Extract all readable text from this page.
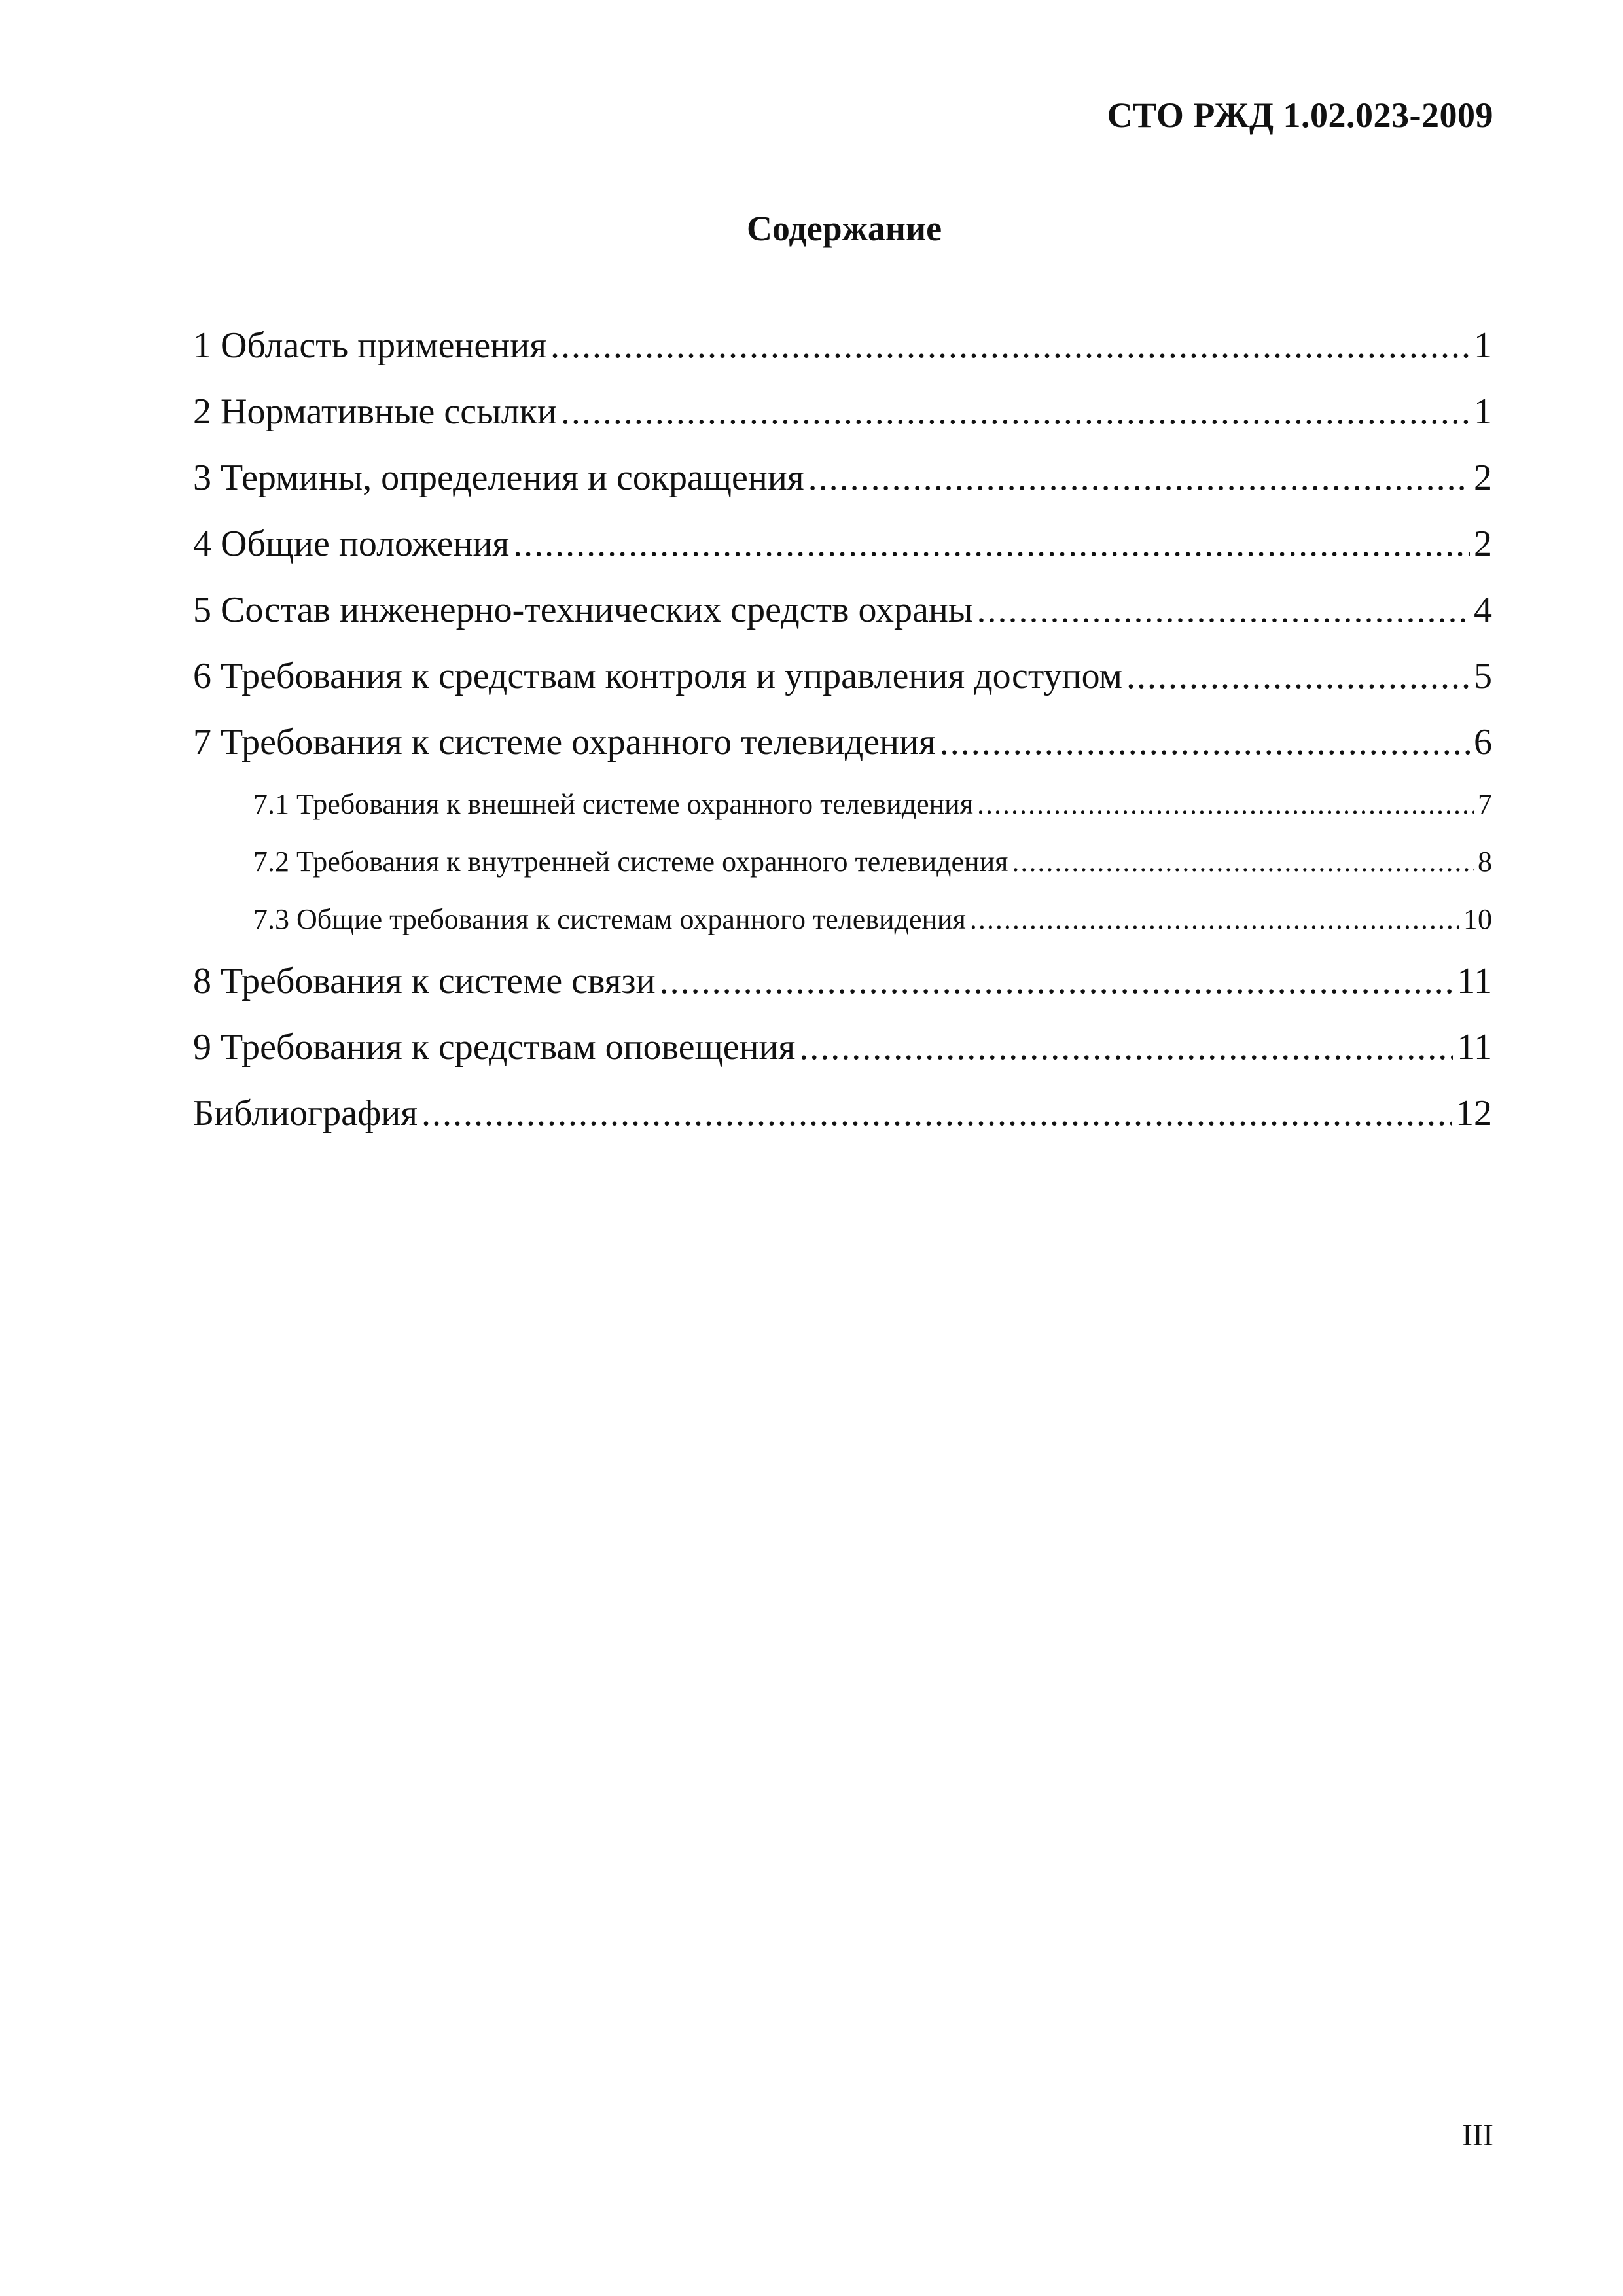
СТО РЖД 1.02.023-2009
Содержание
1 Область применения .....	1
2 Нормативные ссылки .....	1
3 Термины, определения и сокращения .....	2
4 Общие положения .....	2
5 Состав инженерно-технических средств охраны .....	4
6 Требования к средствам контроля и управления доступом .....	5
7 Требования к системе охранного телевидения .....	6
7.1 Требования к внешней системе охранного телевидения .....	7
7.2 Требования к внутренней системе охранного телевидения .....	8
7.3 Общие требования к системам охранного телевидения .....	10
8 Требования к системе связи .....	11
9 Требования к средствам оповещения .....	11
Библиография .....	12
III
